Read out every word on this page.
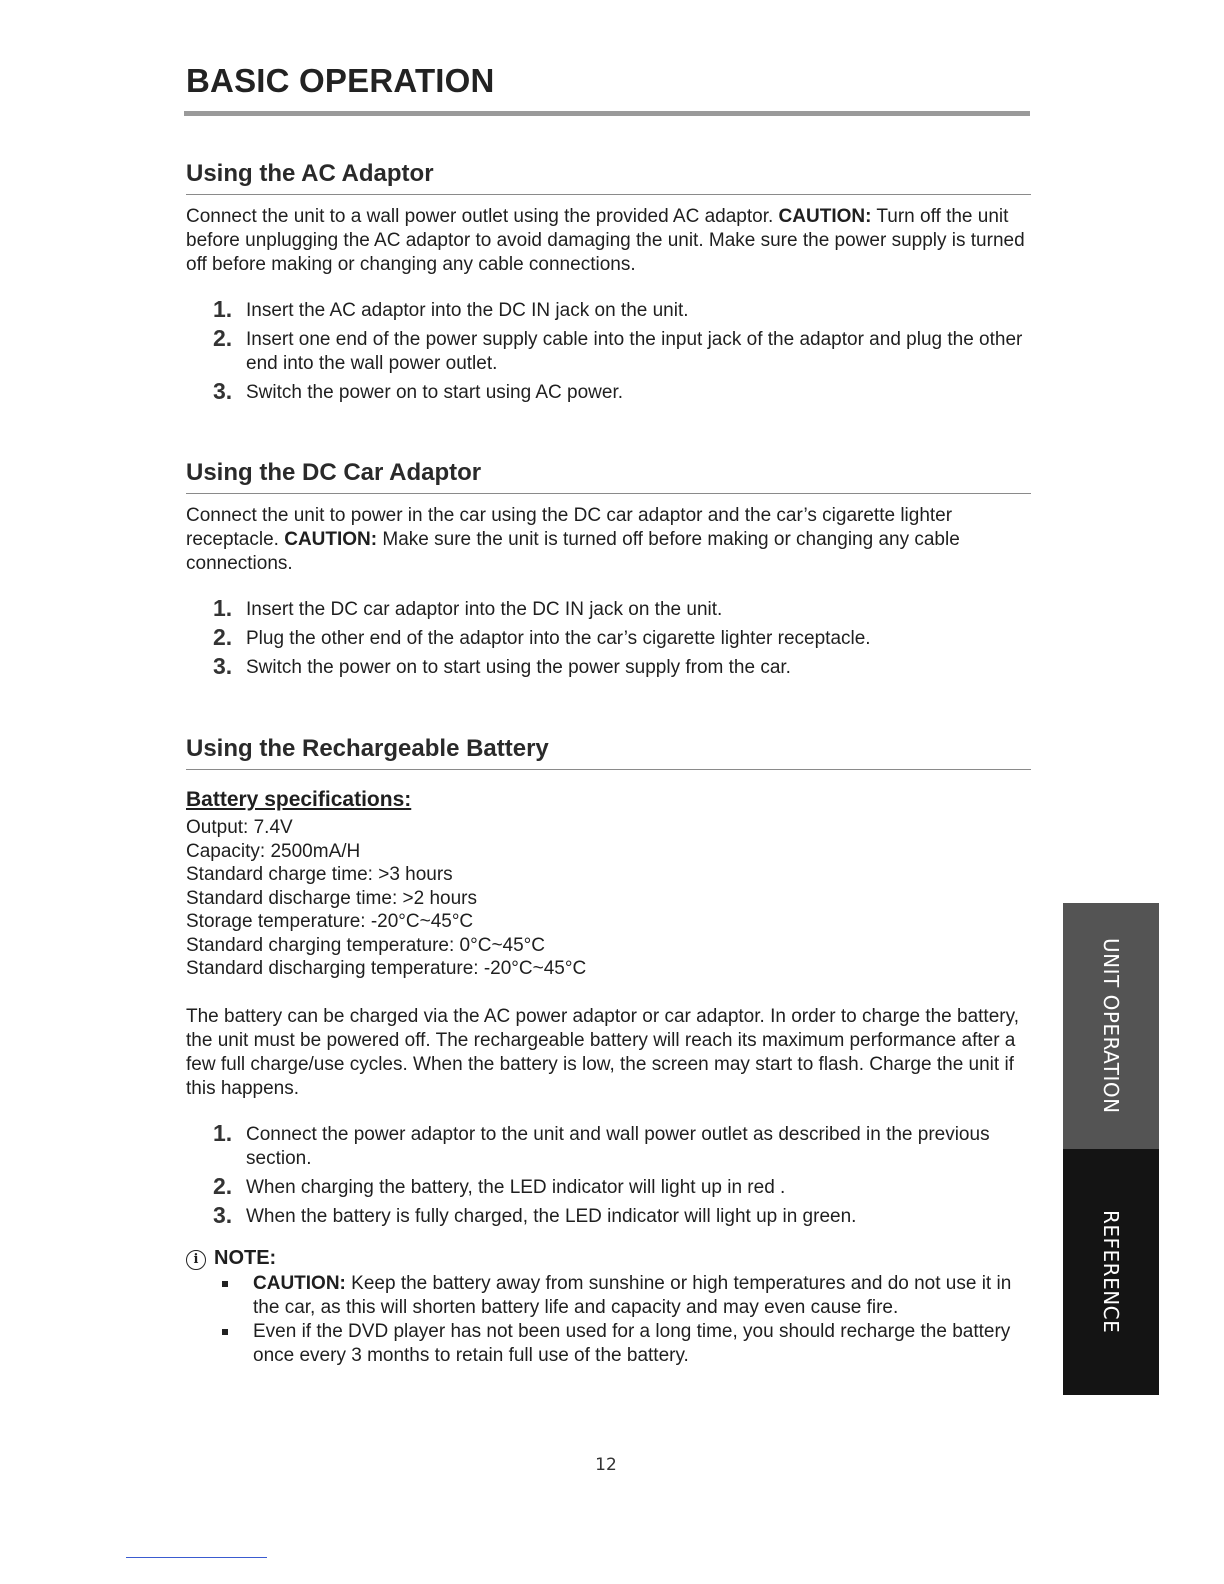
BASIC OPERATION
Using the AC Adaptor

Connect the unit to a wall power outlet using the provided AC adaptor. CAUTION: Turn off the unit before unplugging the AC adaptor to avoid damaging the unit. Make sure the power supply is turned off before making or changing any cable connections.

1. Insert the AC adaptor into the DC IN jack on the unit.
2. Insert one end of the power supply cable into the input jack of the adaptor and plug the other end into the wall power outlet.
3. Switch the power on to start using AC power.
Using the DC Car Adaptor

Connect the unit to power in the car using the DC car adaptor and the car’s cigarette lighter receptacle. CAUTION: Make sure the unit is turned off before making or changing any cable connections.

1. Insert the DC car adaptor into the DC IN jack on the unit.
2. Plug the other end of the adaptor into the car’s cigarette lighter receptacle.
3. Switch the power on to start using the power supply from the car.
Using the Rechargeable Battery
Battery specifications:
Output: 7.4V
Capacity: 2500mA/H
Standard charge time: >3 hours
Standard discharge time: >2 hours
Storage temperature: -20°C~45°C
Standard charging temperature: 0°C~45°C
Standard discharging temperature: -20°C~45°C

The battery can be charged via the AC power adaptor or car adaptor. In order to charge the battery, the unit must be powered off. The rechargeable battery will reach its maximum performance after a few full charge/use cycles. When the battery is low, the screen may start to flash. Charge the unit if this happens.

1. Connect the power adaptor to the unit and wall power outlet as described in the previous section.
2. When charging the battery, the LED indicator will light up in red .
3. When the battery is fully charged, the LED indicator will light up in green.
i NOTE:
CAUTION: Keep the battery away from sunshine or high temperatures and do not use it in the car, as this will shorten battery life and capacity and may even cause fire.
Even if the DVD player has not been used for a long time, you should recharge the battery once every 3 months to retain full use of the battery.
UNIT OPERATION
REFERENCE
12
